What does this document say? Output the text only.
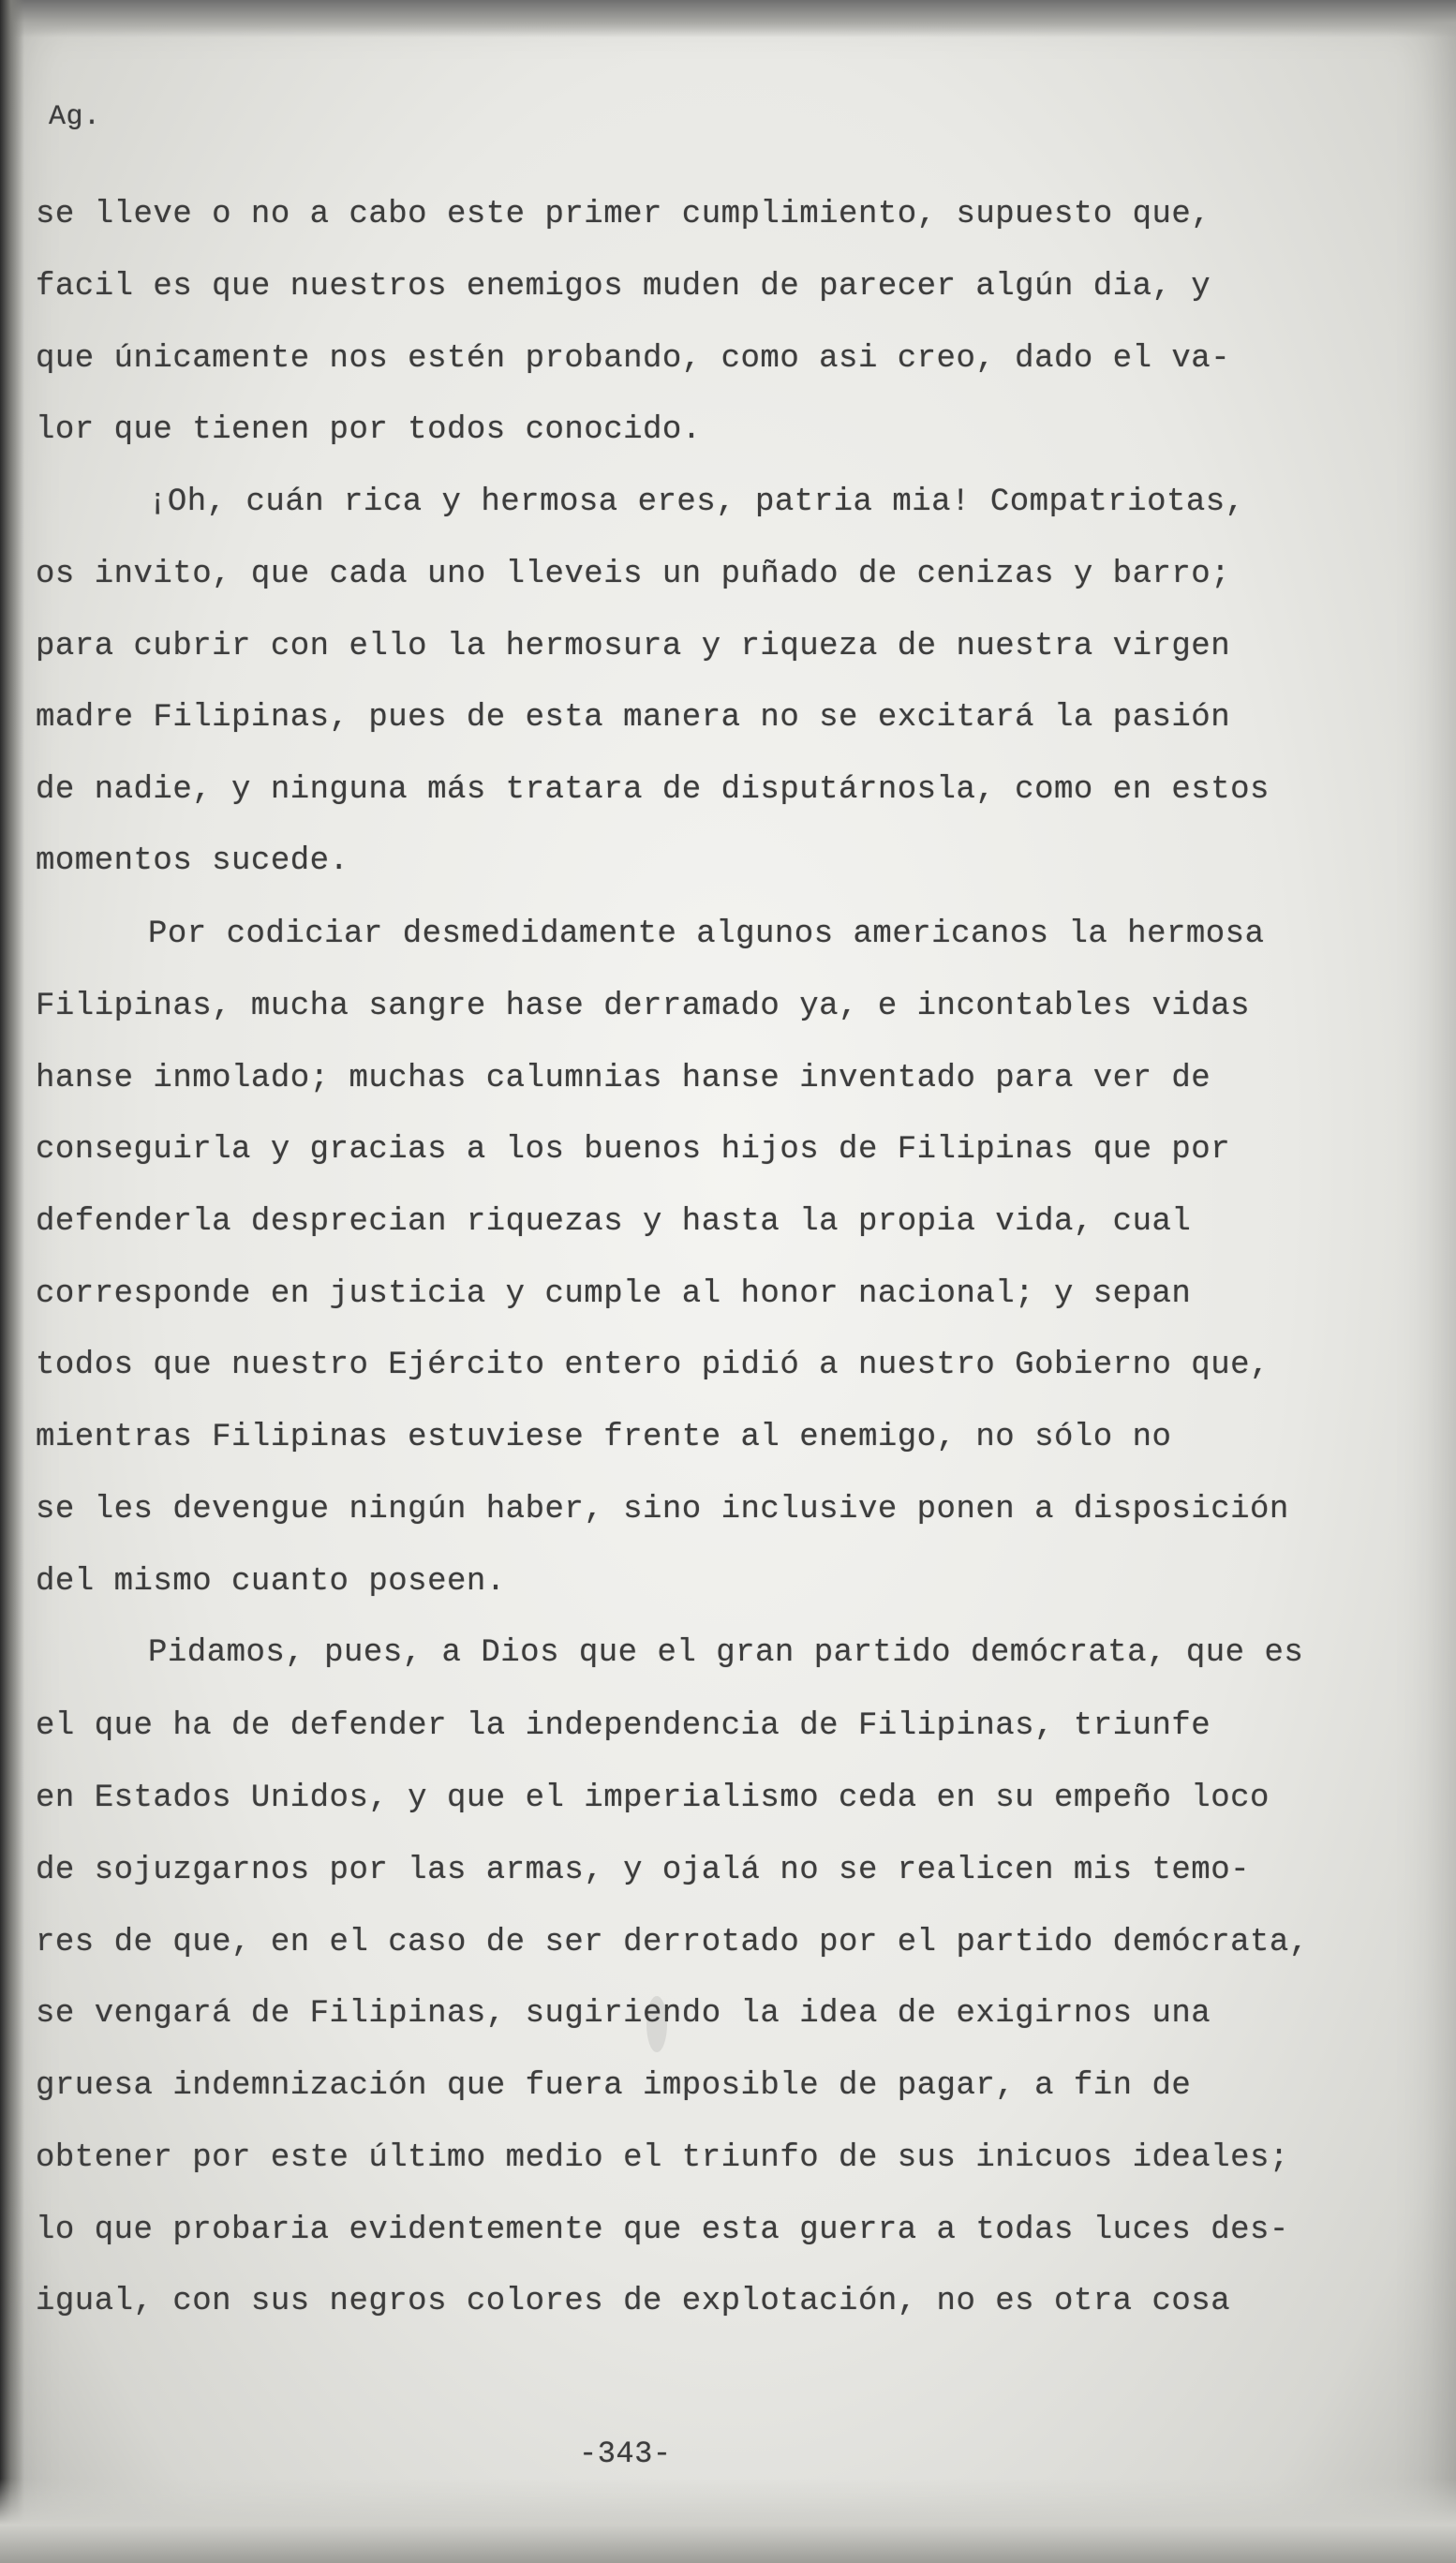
Ag.
se lleve o no a cabo este primer cumplimiento, supuesto que,
facil es que nuestros enemigos muden de parecer algún dia, y
que únicamente nos estén probando, como asi creo, dado el va-
lor que tienen por todos conocido.
¡Oh, cuán rica y hermosa eres, patria mia! Compatriotas,
os invito, que cada uno lleveis un puñado de cenizas y barro;
para cubrir con ello la hermosura y riqueza de nuestra virgen
madre Filipinas, pues de esta manera no se excitará la pasión
de nadie, y ninguna más tratara de disputárnosla, como en estos
momentos sucede.
Por codiciar desmedidamente algunos americanos la hermosa
Filipinas, mucha sangre hase derramado ya, e incontables vidas
hanse inmolado; muchas calumnias hanse inventado para ver de
conseguirla y gracias a los buenos hijos de Filipinas que por
defenderla desprecian riquezas y hasta la propia vida, cual
corresponde en justicia y cumple al honor nacional; y sepan
todos que nuestro Ejército entero pidió a nuestro Gobierno que,
mientras Filipinas estuviese frente al enemigo, no sólo no
se les devengue ningún haber, sino inclusive ponen a disposición
del mismo cuanto poseen.
Pidamos, pues, a Dios que el gran partido demócrata, que es
el que ha de defender la independencia de Filipinas, triunfe
en Estados Unidos, y que el imperialismo ceda en su empeño loco
de sojuzgarnos por las armas, y ojalá no se realicen mis temo-
res de que, en el caso de ser derrotado por el partido demócrata,
se vengará de Filipinas, sugiriendo la idea de exigirnos una
gruesa indemnización que fuera imposible de pagar, a fin de
obtener por este último medio el triunfo de sus inicuos ideales;
lo que probaria evidentemente que esta guerra a todas luces des-
igual, con sus negros colores de explotación, no es otra cosa
-343-
